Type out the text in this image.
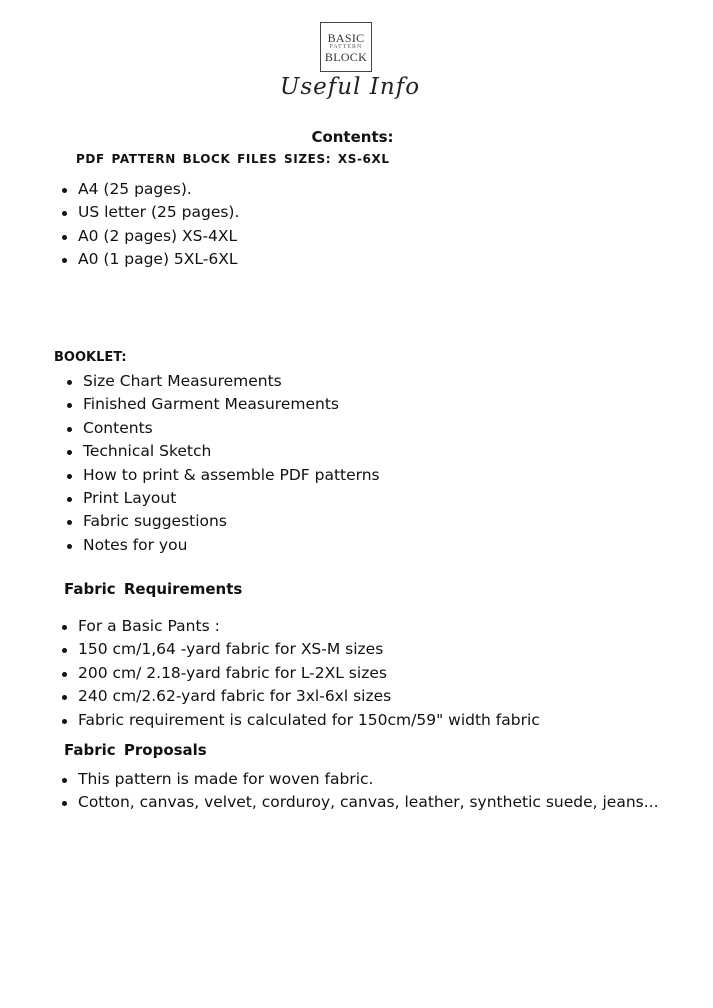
BASIC
PATTERN
BLOCK
Useful Info
Contents:
PDF PATTERN BLOCK FILES SIZES: XS-6XL
A4 (25 pages).
US letter (25 pages).
A0 (2 pages) XS-4XL
A0 (1 page) 5XL-6XL
BOOKLET:
Size Chart Measurements
Finished Garment Measurements
Contents
Technical Sketch
How to print & assemble PDF patterns
Print Layout
Fabric suggestions
Notes for you
Fabric Requirements
For a Basic Pants :
150 cm/1,64 -yard fabric for XS-M sizes
200 cm/ 2.18-yard fabric for L-2XL sizes
240 cm/2.62-yard fabric for 3xl-6xl sizes
Fabric requirement is calculated for 150cm/59" width fabric
Fabric Proposals
This pattern is made for woven fabric.
Cotton, canvas, velvet, corduroy, canvas, leather, synthetic suede, jeans...
